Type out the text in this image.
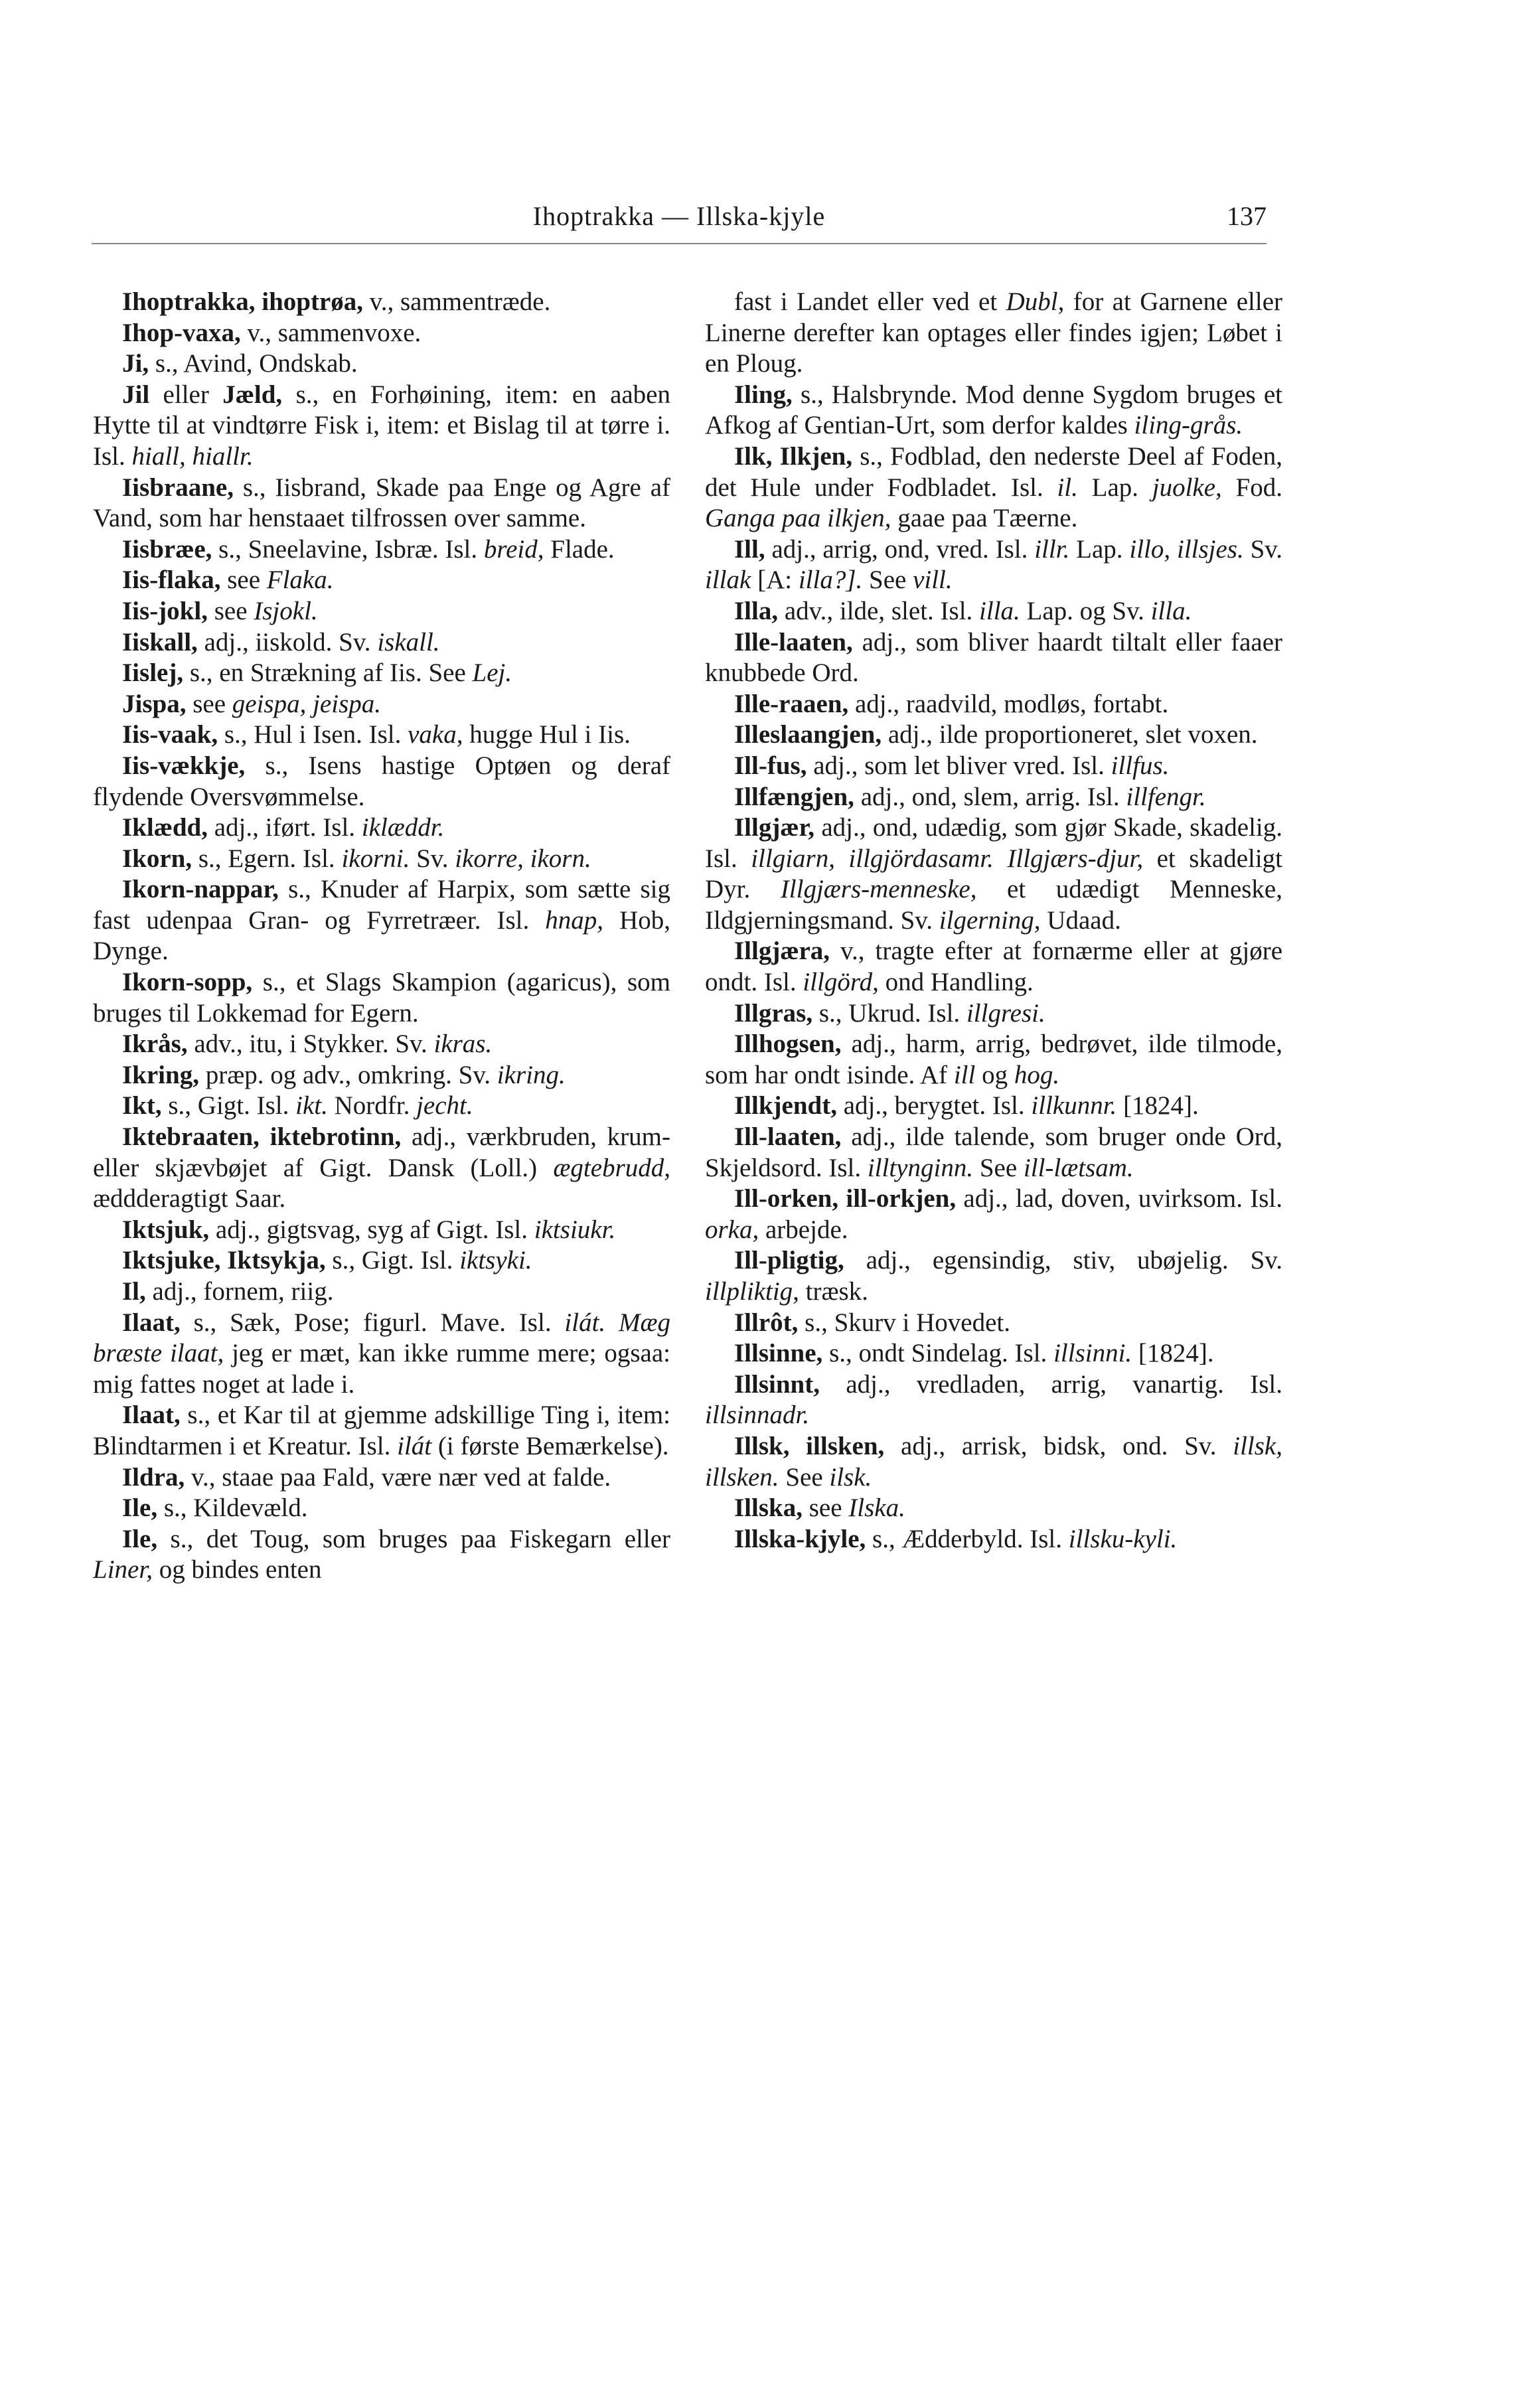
Ihoptrakka — Illska-kjyle	137

Ihoptrakka, ihoptrøa, v., sammentræde.

Ihop-vaxa, v., sammenvoxe.

Ji, s., Avind, Ondskab.

Jil eller Jæld, s., en Forhøining, item: en aaben Hytte til at vindtørre Fisk i, item: et Bislag til at tørre i. Isl. hiall, hiallr.

Iisbraane, s., Iisbrand, Skade paa Enge og Agre af Vand, som har henstaaet tilfrossen over samme.

Iisbræe, s., Sneelavine, Isbræ. Isl. breid, Flade.

Iis-flaka, see Flaka.

Iis-jokl, see Isjokl.

Iiskall, adj., iiskold. Sv. iskall.

Iislej, s., en Strækning af Iis. See Lej.

Jispa, see geispa, jeispa.

Iis-vaak, s., Hul i Isen. Isl. vaka, hugge Hul i Iis.

Iis-vækkje, s., Isens hastige Optøen og deraf flydende Oversvømmelse.

Iklædd, adj., iført. Isl. iklæddr.

Ikorn, s., Egern. Isl. ikorni. Sv. ikorre, ikorn.

Ikorn-nappar, s., Knuder af Harpix, som sætte sig fast udenpaa Gran- og Fyrretræer. Isl. hnap, Hob, Dynge.

Ikorn-sopp, s., et Slags Skampion (agaricus), som bruges til Lokkemad for Egern.

Ikrås, adv., itu, i Stykker. Sv. ikras.

Ikring, præp. og adv., omkring. Sv. ikring.

Ikt, s., Gigt. Isl. ikt. Nordfr. jecht.

Iktebraaten, iktebrotinn, adj., værkbruden, krum- eller skjævbøjet af Gigt. Dansk (Loll.) ægtebrudd, æddderagtigt Saar.

Iktsjuk, adj., gigtsvag, syg af Gigt. Isl. iktsiukr.

Iktsjuke, Iktsykja, s., Gigt. Isl. iktsyki.

Il, adj., fornem, riig.

Ilaat, s., Sæk, Pose; figurl. Mave. Isl. ilát. Mæg bræste ilaat, jeg er mæt, kan ikke rumme mere; ogsaa: mig fattes noget at lade i.

Ilaat, s., et Kar til at gjemme adskillige Ting i, item: Blindtarmen i et Kreatur. Isl. ilát (i første Bemærkelse).

Ildra, v., staae paa Fald, være nær ved at falde.

Ile, s., Kildevæld.

Ile, s., det Toug, som bruges paa Fiskegarn eller Liner, og bindes enten

fast i Landet eller ved et Dubl, for at Garnene eller Linerne derefter kan optages eller findes igjen; Løbet i en Ploug.

Iling, s., Halsbrynde. Mod denne Sygdom bruges et Afkog af Gentian-Urt, som derfor kaldes iling-grås.

Ilk, Ilkjen, s., Fodblad, den nederste Deel af Foden, det Hule under Fodbladet. Isl. il. Lap. juolke, Fod. Ganga paa ilkjen, gaae paa Tæerne.

Ill, adj., arrig, ond, vred. Isl. illr. Lap. illo, illsjes. Sv. illak [A: illa?]. See vill.

Illa, adv., ilde, slet. Isl. illa. Lap. og Sv. illa.

Ille-laaten, adj., som bliver haardt tiltalt eller faaer knubbede Ord.

Ille-raaen, adj., raadvild, modløs, fortabt.

Illeslaangjen, adj., ilde proportioneret, slet voxen.

Ill-fus, adj., som let bliver vred. Isl. illfus.

Illfængjen, adj., ond, slem, arrig. Isl. illfengr.

Illgjær, adj., ond, udædig, som gjør Skade, skadelig. Isl. illgiarn, illgjördasamr. Illgjærs-djur, et skadeligt Dyr. Illgjærs-menneske, et udædigt Menneske, Ildgjerningsmand. Sv. ilgerning, Udaad.

Illgjæra, v., tragte efter at fornærme eller at gjøre ondt. Isl. illgörd, ond Handling.

Illgras, s., Ukrud. Isl. illgresi.

Illhogsen, adj., harm, arrig, bedrøvet, ilde tilmode, som har ondt isinde. Af ill og hog.

Illkjendt, adj., berygtet. Isl. illkunnr. [1824].

Ill-laaten, adj., ilde talende, som bruger onde Ord, Skjeldsord. Isl. illtynginn. See ill-lætsam.

Ill-orken, ill-orkjen, adj., lad, doven, uvirksom. Isl. orka, arbejde.

Ill-pligtig, adj., egensindig, stiv, ubøjelig. Sv. illpliktig, træsk.

Illrôt, s., Skurv i Hovedet.

Illsinne, s., ondt Sindelag. Isl. illsinni. [1824].

Illsinnt, adj., vredladen, arrig, vanartig. Isl. illsinnadr.

Illsk, illsken, adj., arrisk, bidsk, ond. Sv. illsk, illsken. See ilsk.

Illska, see Ilska.

Illska-kjyle, s., Ædderbyld. Isl. illsku-kyli.
